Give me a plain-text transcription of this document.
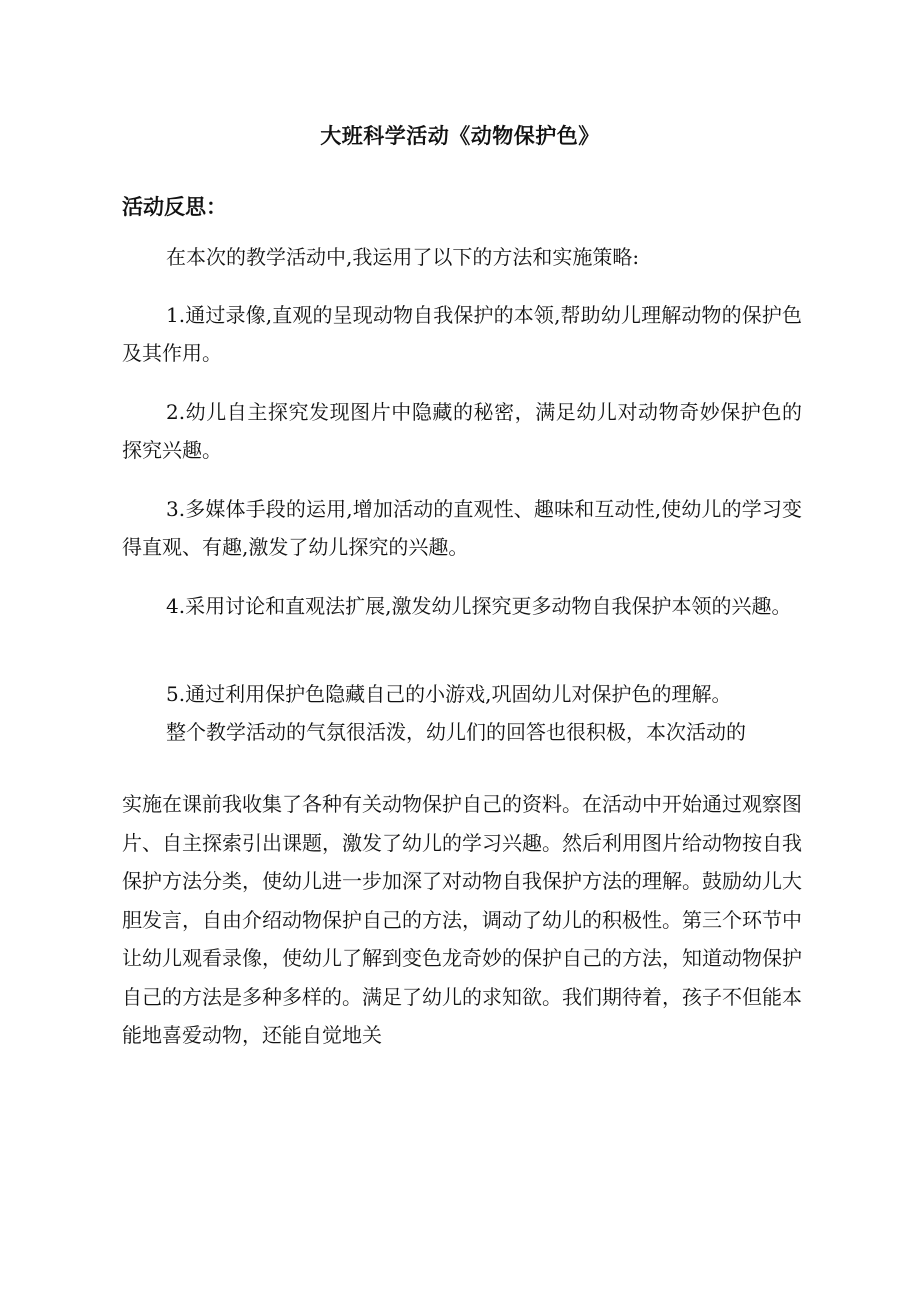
大班科学活动《动物保护色》
活动反思：

在本次的教学活动中,我运用了以下的方法和实施策略:

1.通过录像,直观的呈现动物自我保护的本领,帮助幼儿理解动物的保护色及其作用。

2.幼儿自主探究发现图片中隐藏的秘密，满足幼儿对动物奇妙保护色的探究兴趣。

3.多媒体手段的运用,增加活动的直观性、趣味和互动性,使幼儿的学习变得直观、有趣,激发了幼儿探究的兴趣。

4.采用讨论和直观法扩展,激发幼儿探究更多动物自我保护本领的兴趣。

5.通过利用保护色隐藏自己的小游戏,巩固幼儿对保护色的理解。

整个教学活动的气氛很活泼，幼儿们的回答也很积极，本次活动的

实施在课前我收集了各种有关动物保护自己的资料。在活动中开始通过观察图片、自主探索引出课题，激发了幼儿的学习兴趣。然后利用图片给动物按自我保护方法分类，使幼儿进一步加深了对动物自我保护方法的理解。鼓励幼儿大胆发言，自由介绍动物保护自己的方法，调动了幼儿的积极性。第三个环节中让幼儿观看录像，使幼儿了解到变色龙奇妙的保护自己的方法，知道动物保护自己的方法是多种多样的。满足了幼儿的求知欲。我们期待着，孩子不但能本能地喜爱动物，还能自觉地关
